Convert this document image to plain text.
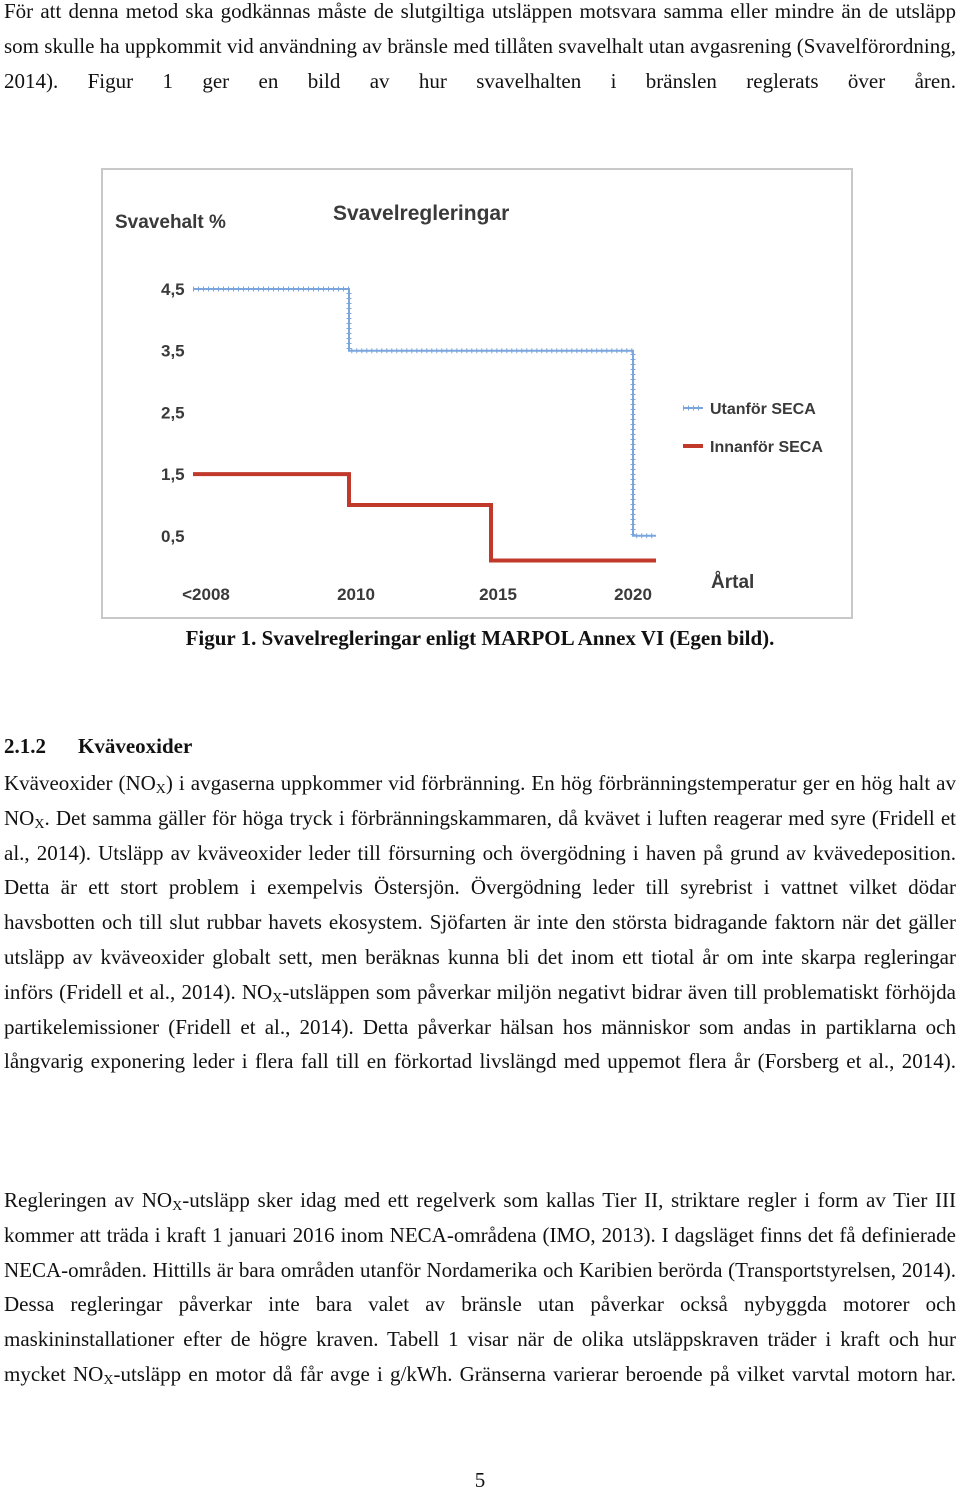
För att denna metod ska godkännas måste de slutgiltiga utsläppen motsvara samma eller mindre än de utsläpp som skulle ha uppkommit vid användning av bränsle med tillåten svavelhalt utan avgasrening (Svavelförordning, 2014). Figur 1 ger en bild av hur svavelhalten i bränslen reglerats över åren.

Svavehalt %	Svavelregleringar
Årtal
4,5
3,5
2,5
1,5
0,5
<2008	2010	2015	2020
Utanför SECA
Innanför SECA

Figur 1. Svavelregleringar enligt MARPOL Annex VI (Egen bild).

2.1.2 Kväveoxider

Kväveoxider $(NO_X)$ i avgaserna uppkommer vid förbränning. En hög förbränningstemperatur ger en hög halt av $NO_X$. Det samma gäller för höga tryck i förbränningskammaren, då kvävet i luften reagerar med syre (Fridell et al., 2014). Utsläpp av kväveoxider leder till försurning och övergödning i haven på grund av kvävedeposition. Detta är ett stort problem i exempelvis Östersjön. Övergödning leder till syrebrist i vattnet vilket dödar havsbotten och till slut rubbar havets ekosystem. Sjöfarten är inte den största bidragande faktorn när det gäller utsläpp av kväveoxider globalt sett, men beräknas kunna bli det inom ett tiotal år om inte skarpa regleringar införs (Fridell et al., 2014). $NO_X$-utsläppen som påverkar miljön negativt bidrar även till problematiskt förhöjda partikelemissioner (Fridell et al., 2014). Detta påverkar hälsan hos människor som andas in partiklarna och långvarig exponering leder i flera fall till en förkortad livslängd med uppemot flera år (Forsberg et al., 2014).

Regleringen av $NO_X$-utsläpp sker idag med ett regelverk som kallas Tier II, striktare regler i form av Tier III kommer att träda i kraft 1 januari 2016 inom NECA-områdena (IMO, 2013). I dagsläget finns det få definierade NECA-områden. Hittills är bara områden utanför Nordamerika och Karibien berörda (Transportstyrelsen, 2014). Dessa regleringar påverkar inte bara valet av bränsle utan påverkar också nybyggda motorer och maskininstallationer efter de högre kraven. Tabell 1 visar när de olika utsläppskraven träder i kraft och hur mycket $NO_X$-utsläpp en motor då får avge i g/kWh. Gränserna varierar beroende på vilket varvtal motorn har.

5
